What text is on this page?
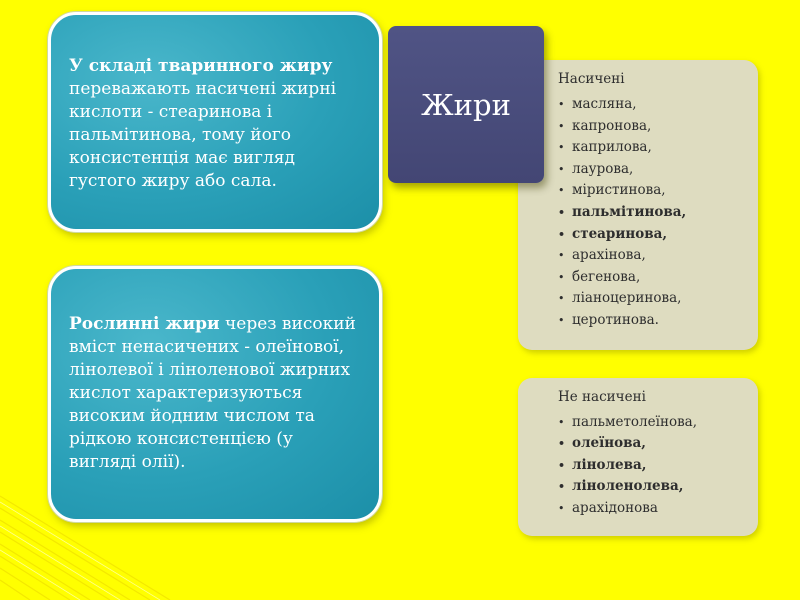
У складі тваринного жиру переважають насичені жирні кислоти - стеаринова і пальмітинова, тому його консистенція має вигляд густого жиру або сала.
Рослинні жири через високий вміст ненасичених - олеїнової, лінолевої і ліноленової жирних кислот характеризуються високим йодним числом та рідкою консистенцією (у вигляді олії).
Насичені
• масляна,
• капронова,
• каприлова,
• лаурова,
• міристинова,
• пальмітинова,
• стеаринова,
• арахінова,
• бегенова,
• ліаноцеринова,
• церотинова.
Не насичені
• пальметолеїнова,
• олеїнова,
• лінолева,
• ліноленолева,
• арахідонова
Жири
